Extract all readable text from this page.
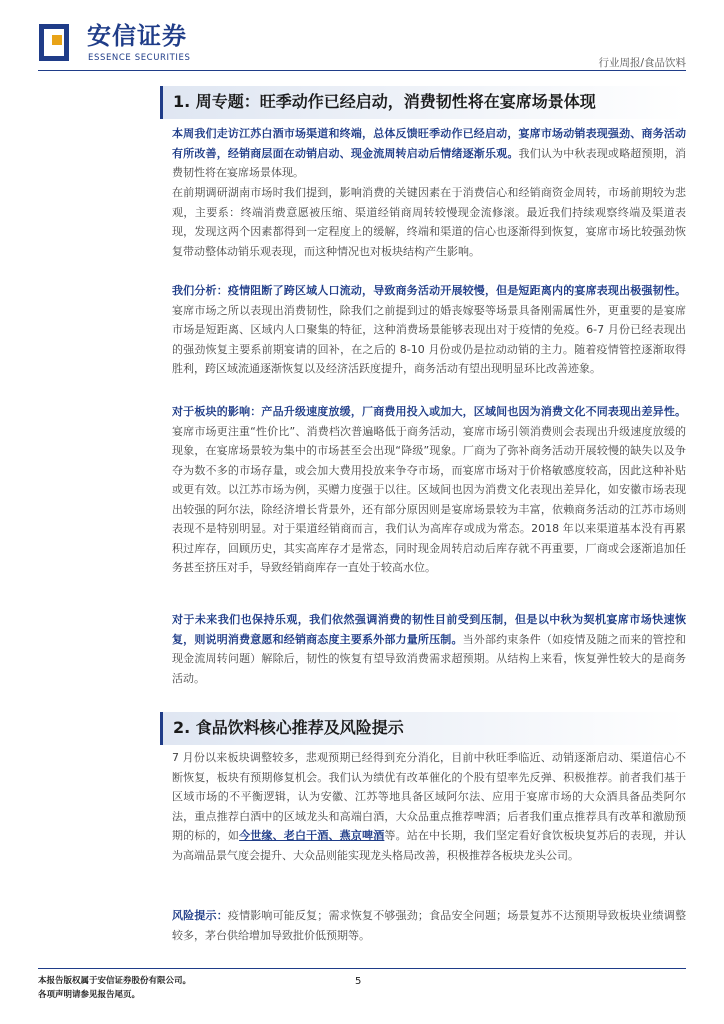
安信证券
ESSENCE SECURITIES	行业周报/食品饮料
1. 周专题：旺季动作已经启动，消费韧性将在宴席场景体现

本周我们走访江苏白酒市场渠道和终端，总体反馈旺季动作已经启动，宴席市场动销表现强劲、商务活动有所改善，经销商层面在动销启动、现金流周转启动后情绪逐渐乐观。我们认为中秋表现或略超预期，消费韧性将在宴席场景体现。

在前期调研湖南市场时我们提到，影响消费的关键因素在于消费信心和经销商资金周转，市场前期较为悲观，主要系：终端消费意愿被压缩、渠道经销商周转较慢现金流修滚。最近我们持续观察终端及渠道表现，发现这两个因素都得到一定程度上的缓解，终端和渠道的信心也逐渐得到恢复，宴席市场比较强劲恢复带动整体动销乐观表现，而这种情况也对板块结构产生影响。

我们分析：疫情阻断了跨区域人口流动，导致商务活动开展较慢，但是短距离内的宴席表现出极强韧性。宴席市场之所以表现出消费韧性，除我们之前提到过的婚丧嫁娶等场景具备刚需属性外，更重要的是宴席市场是短距离、区域内人口聚集的特征，这种消费场景能够表现出对于疫情的免疫。6-7 月份已经表现出的强劲恢复主要系前期宴请的回补，在之后的 8-10 月份或仍是拉动动销的主力。随着疫情管控逐渐取得胜利，跨区域流通逐渐恢复以及经济活跃度提升，商务活动有望出现明显环比改善迹象。

对于板块的影响：产品升级速度放缓，厂商费用投入或加大，区域间也因为消费文化不同表现出差异性。宴席市场更注重“性价比”、消费档次普遍略低于商务活动，宴席市场引领消费则会表现出升级速度放缓的现象，在宴席场景较为集中的市场甚至会出现“降级”现象。厂商为了弥补商务活动开展较慢的缺失以及争夺为数不多的市场存量，或会加大费用投放来争夺市场，而宴席市场对于价格敏感度较高，因此这种补贴或更有效。以江苏市场为例，买赠力度强于以往。区域间也因为消费文化表现出差异化，如安徽市场表现出较强的阿尔法，除经济增长背景外，还有部分原因则是宴席场景较为丰富，依赖商务活动的江苏市场则表现不是特别明显。对于渠道经销商而言，我们认为高库存或成为常态。2018 年以来渠道基本没有再累积过库存，回顾历史，其实高库存才是常态，同时现金周转启动后库存就不再重要，厂商或会逐渐追加任务甚至挤压对手，导致经销商库存一直处于较高水位。

对于未来我们也保持乐观，我们依然强调消费的韧性目前受到压制，但是以中秋为契机宴席市场快速恢复，则说明消费意愿和经销商态度主要系外部力量所压制。当外部约束条件（如疫情及随之而来的管控和现金流周转问题）解除后，韧性的恢复有望导致消费需求超预期。从结构上来看，恢复弹性较大的是商务活动。

2. 食品饮料核心推荐及风险提示

7 月份以来板块调整较多，悲观预期已经得到充分消化，目前中秋旺季临近、动销逐渐启动、渠道信心不断恢复，板块有预期修复机会。我们认为绩优有改革催化的个股有望率先反弹、积极推荐。前者我们基于区域市场的不平衡逻辑，认为安徽、江苏等地具备区域阿尔法、应用于宴席市场的大众酒具备品类阿尔法，重点推荐白酒中的区域龙头和高端白酒，大众品重点推荐啤酒；后者我们重点推荐具有改革和激励预期的标的，如今世缘、老白干酒、燕京啤酒等。站在中长期，我们坚定看好食饮板块复苏后的表现，并认为高端品景气度会提升、大众品则能实现龙头格局改善，积极推荐各板块龙头公司。

风险提示：疫情影响可能反复；需求恢复不够强劲；食品安全问题；场景复苏不达预期导致板块业绩调整较多，茅台供给增加导致批价低预期等。

本报告版权属于安信证券股份有限公司。
各项声明请参见报告尾页。
5
